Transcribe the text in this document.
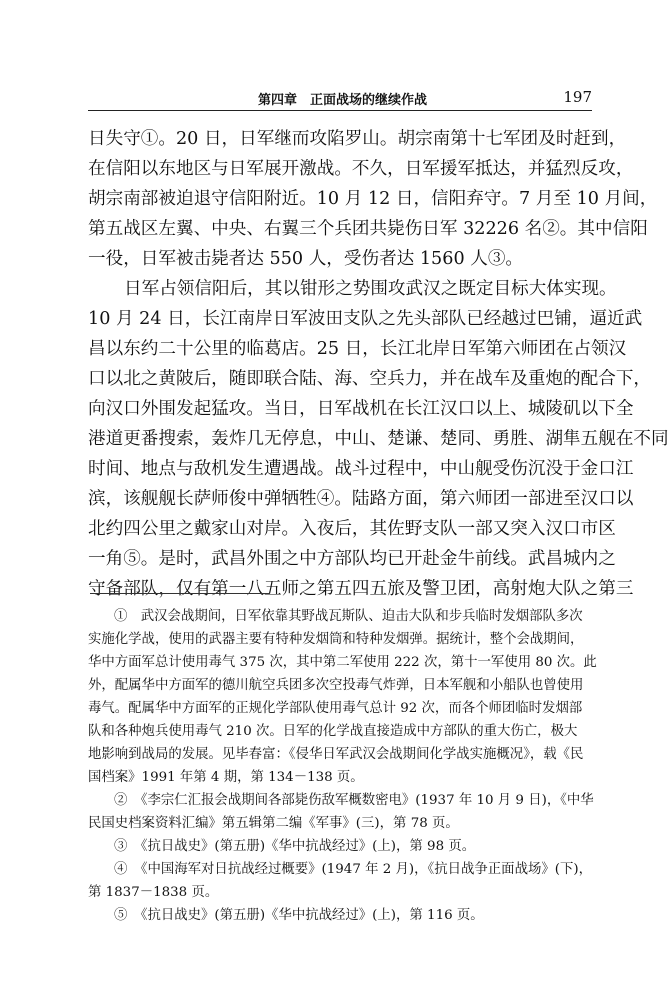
第四章　正面战场的继续作战	197
日失守①。20 日，日军继而攻陷罗山。胡宗南第十七军团及时赶到，
在信阳以东地区与日军展开激战。不久，日军援军抵达，并猛烈反攻，
胡宗南部被迫退守信阳附近。10 月 12 日，信阳弃守。7 月至 10 月间，
第五战区左翼、中央、右翼三个兵团共毙伤日军 32226 名②。其中信阳
一役，日军被击毙者达 550 人，受伤者达 1560 人③。
日军占领信阳后，其以钳形之势围攻武汉之既定目标大体实现。
10 月 24 日，长江南岸日军波田支队之先头部队已经越过巴铺，逼近武
昌以东约二十公里的临葛店。25 日，长江北岸日军第六师团在占领汉
口以北之黄陂后，随即联合陆、海、空兵力，并在战车及重炮的配合下，
向汉口外围发起猛攻。当日，日军战机在长江汉口以上、城陵矶以下全
港道更番搜索，轰炸几无停息，中山、楚谦、楚同、勇胜、湖隼五舰在不同
时间、地点与敌机发生遭遇战。战斗过程中，中山舰受伤沉没于金口江
滨，该舰舰长萨师俊中弹牺牲④。陆路方面，第六师团一部进至汉口以
北约四公里之戴家山对岸。入夜后，其佐野支队一部又突入汉口市区
一角⑤。是时，武昌外围之中方部队均已开赴金牛前线。武昌城内之
守备部队，仅有第一八五师之第五四五旅及警卫团，高射炮大队之第三
①　武汉会战期间，日军依靠其野战瓦斯队、迫击大队和步兵临时发烟部队多次
实施化学战，使用的武器主要有特种发烟筒和特种发烟弹。据统计，整个会战期间，
华中方面军总计使用毒气 375 次，其中第二军使用 222 次，第十一军使用 80 次。此
外，配属华中方面军的德川航空兵团多次空投毒气炸弹，日本军舰和小船队也曾使用
毒气。配属华中方面军的正规化学部队使用毒气总计 92 次，而各个师团临时发烟部
队和各种炮兵使用毒气 210 次。日军的化学战直接造成中方部队的重大伤亡，极大
地影响到战局的发展。见毕春富：《侵华日军武汉会战期间化学战实施概况》，载《民
国档案》1991 年第 4 期，第 134－138 页。
②　《李宗仁汇报会战期间各部毙伤敌军概数密电》(1937 年 10 月 9 日)，《中华
民国史档案资料汇编》第五辑第二编《军事》(三)，第 78 页。
③　《抗日战史》(第五册)《华中抗战经过》(上)，第 98 页。
④　《中国海军对日抗战经过概要》(1947 年 2 月)，《抗日战争正面战场》(下)，
第 1837－1838 页。
⑤　《抗日战史》(第五册)《华中抗战经过》(上)，第 116 页。
